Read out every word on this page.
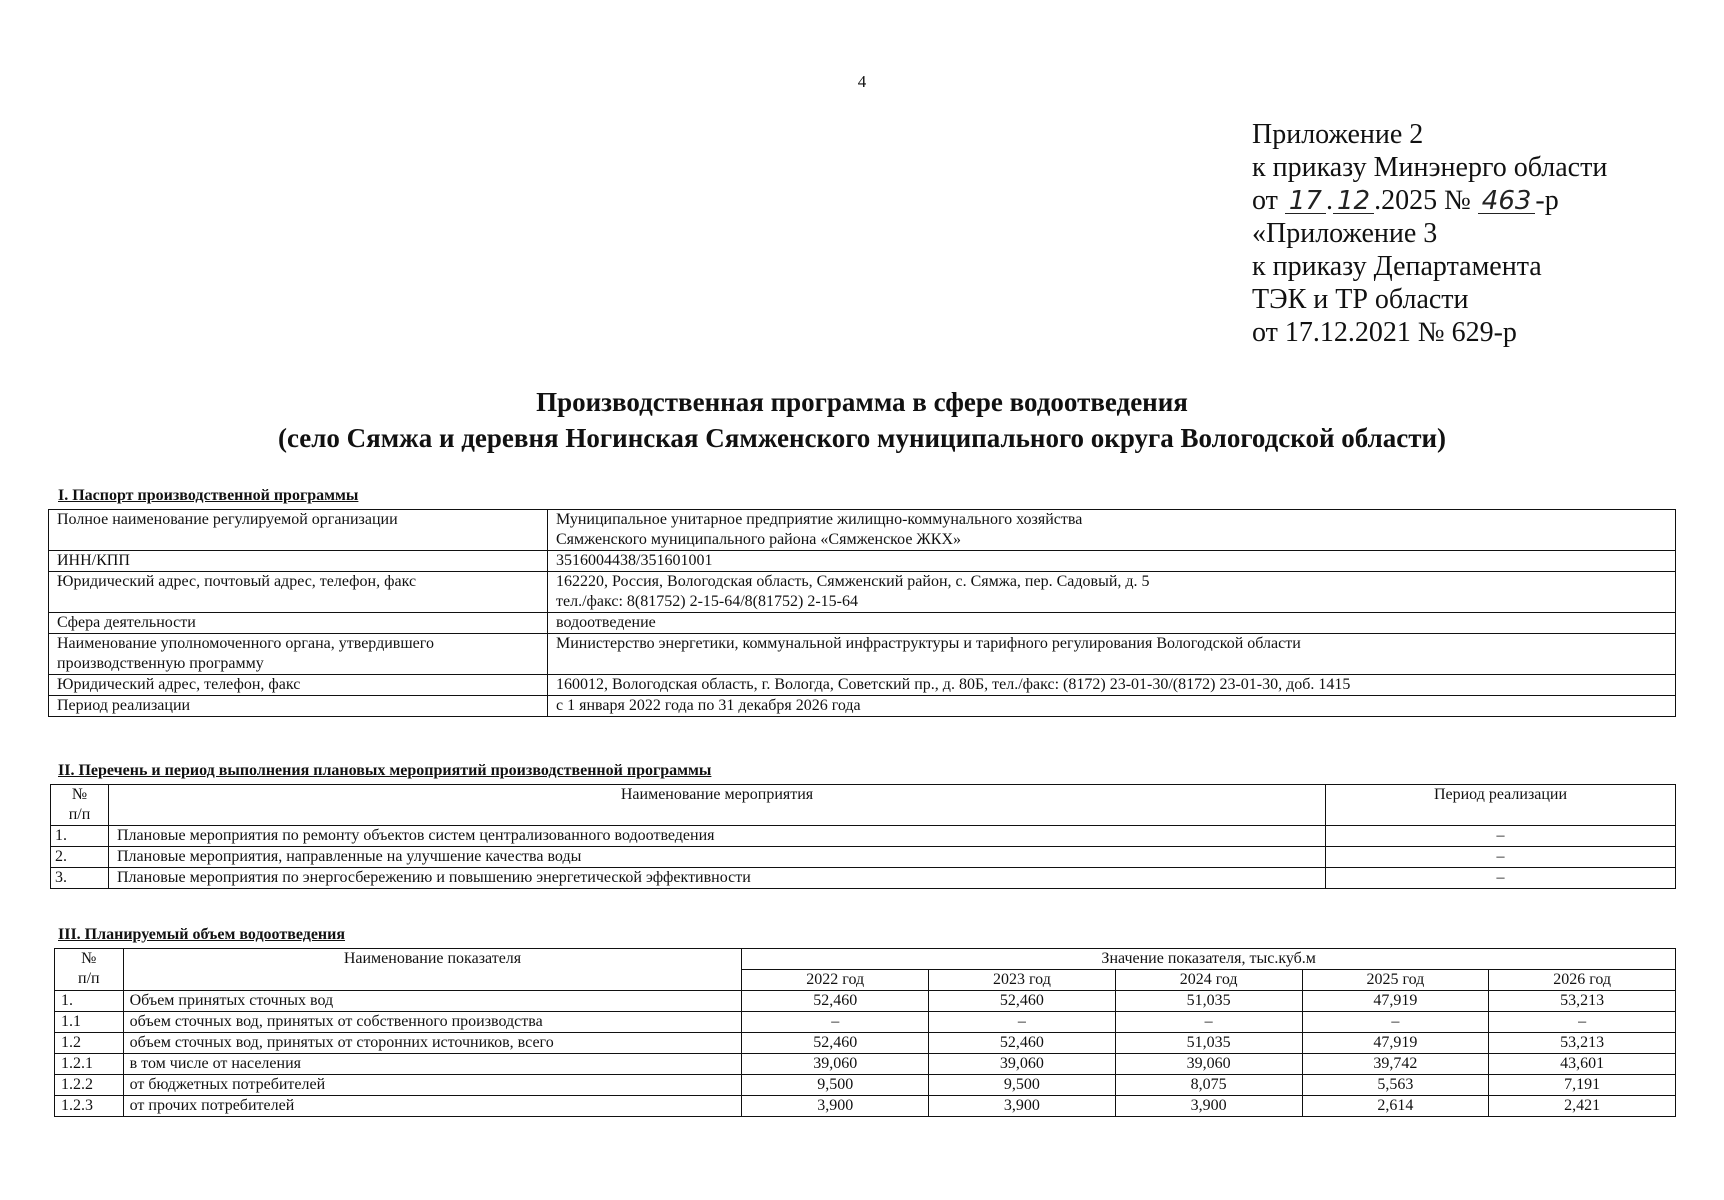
4
Приложение 2
к приказу Минэнерго области
от 17 . 12 .2025 № 463 -р
«Приложение 3
к приказу Департамента
ТЭК и ТР области
от 17.12.2021 № 629-р
Производственная программа в сфере водоотведения
(село Сямжа и деревня Ногинская Сямженского муниципального округа Вологодской области)
I. Паспорт производственной программы
Полное наименование регулируемой организации	Муниципальное унитарное предприятие жилищно-коммунального хозяйства
Сямженского муниципального района «Сямженское ЖКХ»

ИНН/КПП	3516004438/351601001
Юридический адрес, почтовый адрес, телефон, факс	162220, Россия, Вологодская область, Сямженский район, с. Сямжа, пер. Садовый, д. 5
тел./факс: 8(81752) 2-15-64/8(81752) 2-15-64

Сфера деятельности	водоотведение

Наименование уполномоченного органа, утвердившего
производственную программу	Министерство энергетики, коммунальной инфраструктуры и тарифного регулирования Вологодской области
Юридический адрес, телефон, факс	160012, Вологодская область, г. Вологда, Советский пр., д. 80Б, тел./факс: (8172) 23-01-30/(8172) 23-01-30, доб. 1415
Период реализации	с 1 января 2022 года по 31 декабря 2026 года
II. Перечень и период выполнения плановых мероприятий производственной программы
№
п/п	Наименование мероприятия	Период реализации
1.	Плановые мероприятия по ремонту объектов систем централизованного водоотведения	–
2.	Плановые мероприятия, направленные на улучшение качества воды	–
3.	Плановые мероприятия по энергосбережению и повышению энергетической эффективности	–
III. Планируемый объем водоотведения
№
п/п	Наименование показателя	Значение показателя, тыс.куб.м				
		2022 год	2023 год	2024 год	2025 год	2026 год
1.	Объем принятых сточных вод	52,460	52,460	51,035	47,919	53,213
1.1	объем сточных вод, принятых от собственного производства	–	–	–	–	–
1.2	объем сточных вод, принятых от сторонних источников, всего	52,460	52,460	51,035	47,919	53,213
1.2.1	в том числе от населения	39,060	39,060	39,060	39,742	43,601
1.2.2	от бюджетных потребителей	9,500	9,500	8,075	5,563	7,191
1.2.3	от прочих потребителей	3,900	3,900	3,900	2,614	2,421
